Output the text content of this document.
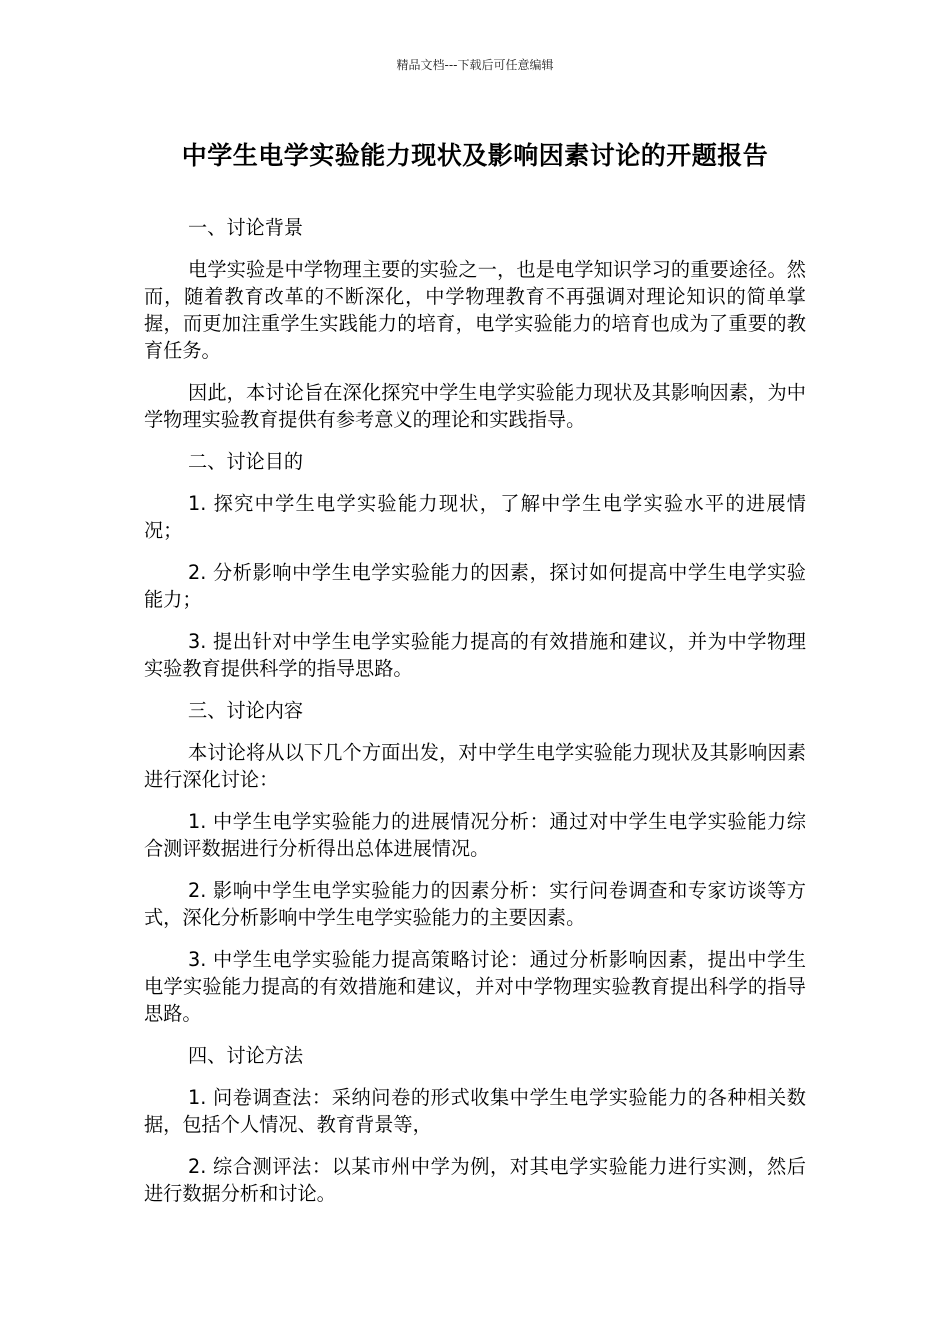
精品文档---下载后可任意编辑
中学生电学实验能力现状及影响因素讨论的开题报告

一、讨论背景

电学实验是中学物理主要的实验之一，也是电学知识学习的重要途径。然而，随着教育改革的不断深化，中学物理教育不再强调对理论知识的简单掌握，而更加注重学生实践能力的培育，电学实验能力的培育也成为了重要的教育任务。

因此，本讨论旨在深化探究中学生电学实验能力现状及其影响因素，为中学物理实验教育提供有参考意义的理论和实践指导。

二、讨论目的

1. 探究中学生电学实验能力现状，了解中学生电学实验水平的进展情况；

2. 分析影响中学生电学实验能力的因素，探讨如何提高中学生电学实验能力；

3. 提出针对中学生电学实验能力提高的有效措施和建议，并为中学物理实验教育提供科学的指导思路。

三、讨论内容

本讨论将从以下几个方面出发，对中学生电学实验能力现状及其影响因素进行深化讨论：

1. 中学生电学实验能力的进展情况分析：通过对中学生电学实验能力综合测评数据进行分析得出总体进展情况。

2. 影响中学生电学实验能力的因素分析：实行问卷调查和专家访谈等方式，深化分析影响中学生电学实验能力的主要因素。

3. 中学生电学实验能力提高策略讨论：通过分析影响因素，提出中学生电学实验能力提高的有效措施和建议，并对中学物理实验教育提出科学的指导思路。

四、讨论方法

1. 问卷调查法：采纳问卷的形式收集中学生电学实验能力的各种相关数据，包括个人情况、教育背景等，

2. 综合测评法：以某市州中学为例，对其电学实验能力进行实测，然后进行数据分析和讨论。
